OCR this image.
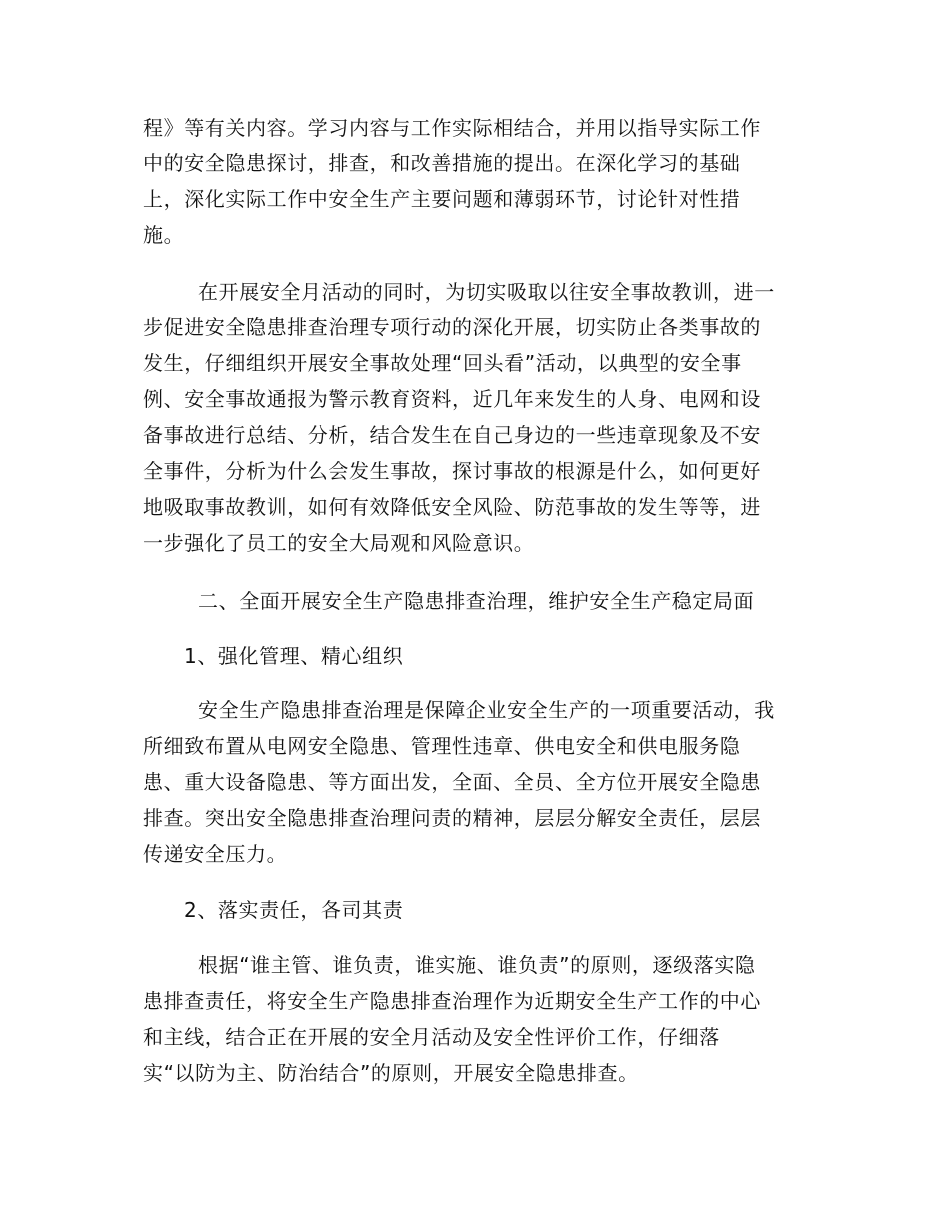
程》等有关内容。学习内容与工作实际相结合，并用以指导实际工作
中的安全隐患探讨，排查，和改善措施的提出。在深化学习的基础
上，深化实际工作中安全生产主要问题和薄弱环节，讨论针对性措
施。
在开展安全月活动的同时，为切实吸取以往安全事故教训，进一
步促进安全隐患排查治理专项行动的深化开展，切实防止各类事故的
发生，仔细组织开展安全事故处理“回头看”活动，以典型的安全事
例、安全事故通报为警示教育资料，近几年来发生的人身、电网和设
备事故进行总结、分析，结合发生在自己身边的一些违章现象及不安
全事件，分析为什么会发生事故，探讨事故的根源是什么，如何更好
地吸取事故教训，如何有效降低安全风险、防范事故的发生等等，进
一步强化了员工的安全大局观和风险意识。
二、全面开展安全生产隐患排查治理，维护安全生产稳定局面
1、强化管理、精心组织
安全生产隐患排查治理是保障企业安全生产的一项重要活动，我
所细致布置从电网安全隐患、管理性违章、供电安全和供电服务隐
患、重大设备隐患、等方面出发，全面、全员、全方位开展安全隐患
排查。突出安全隐患排查治理问责的精神，层层分解安全责任，层层
传递安全压力。
2、落实责任，各司其责
根据“谁主管、谁负责，谁实施、谁负责”的原则，逐级落实隐
患排查责任，将安全生产隐患排查治理作为近期安全生产工作的中心
和主线，结合正在开展的安全月活动及安全性评价工作，仔细落
实“以防为主、防治结合”的原则，开展安全隐患排查。
